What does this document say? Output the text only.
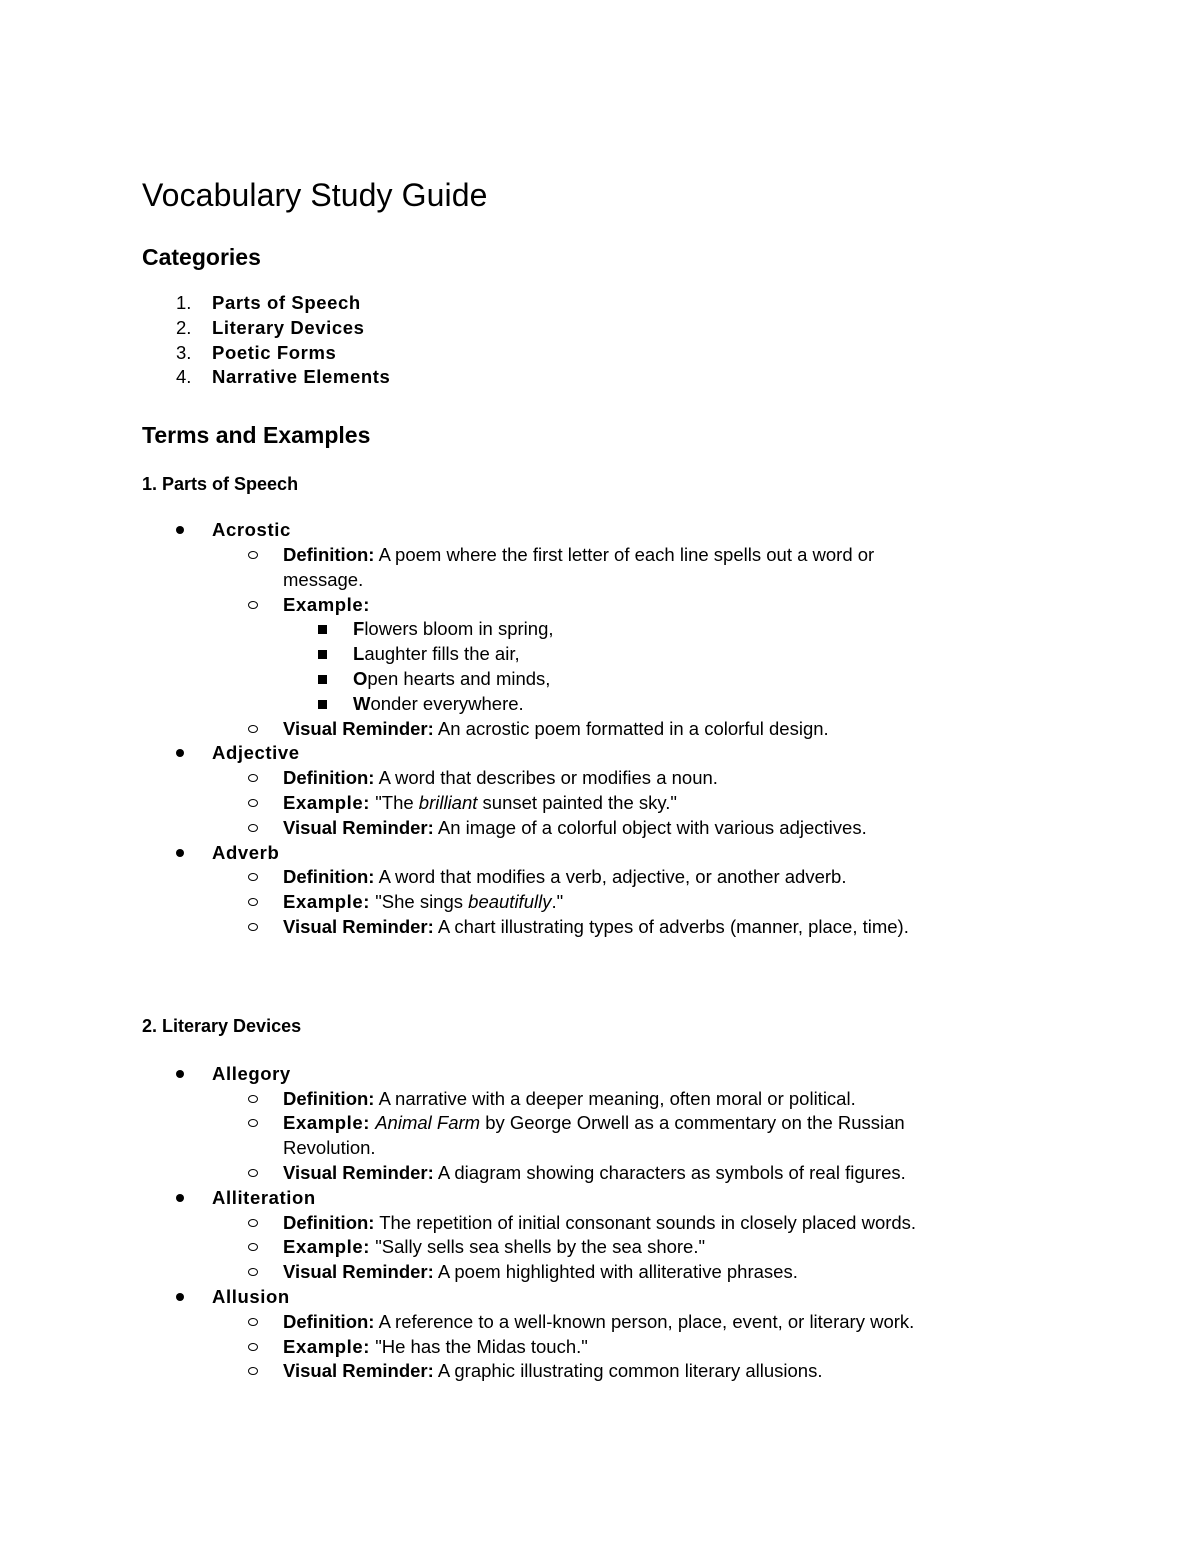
Vocabulary Study Guide
Categories
1. Parts of Speech
2. Literary Devices
3. Poetic Forms
4. Narrative Elements
Terms and Examples
1. Parts of Speech
Acrostic
Definition: A poem where the first letter of each line spells out a word or
message.
Example:
Flowers bloom in spring,
Laughter fills the air,
Open hearts and minds,
Wonder everywhere.
Visual Reminder: An acrostic poem formatted in a colorful design.
Adjective
Definition: A word that describes or modifies a noun.
Example: "The brilliant sunset painted the sky."
Visual Reminder: An image of a colorful object with various adjectives.
Adverb
Definition: A word that modifies a verb, adjective, or another adverb.
Example: "She sings beautifully."
Visual Reminder: A chart illustrating types of adverbs (manner, place, time).
2. Literary Devices
Allegory
Definition: A narrative with a deeper meaning, often moral or political.
Example: Animal Farm by George Orwell as a commentary on the Russian
Revolution.
Visual Reminder: A diagram showing characters as symbols of real figures.
Alliteration
Definition: The repetition of initial consonant sounds in closely placed words.
Example: "Sally sells sea shells by the sea shore."
Visual Reminder: A poem highlighted with alliterative phrases.
Allusion
Definition: A reference to a well-known person, place, event, or literary work.
Example: "He has the Midas touch."
Visual Reminder: A graphic illustrating common literary allusions.
